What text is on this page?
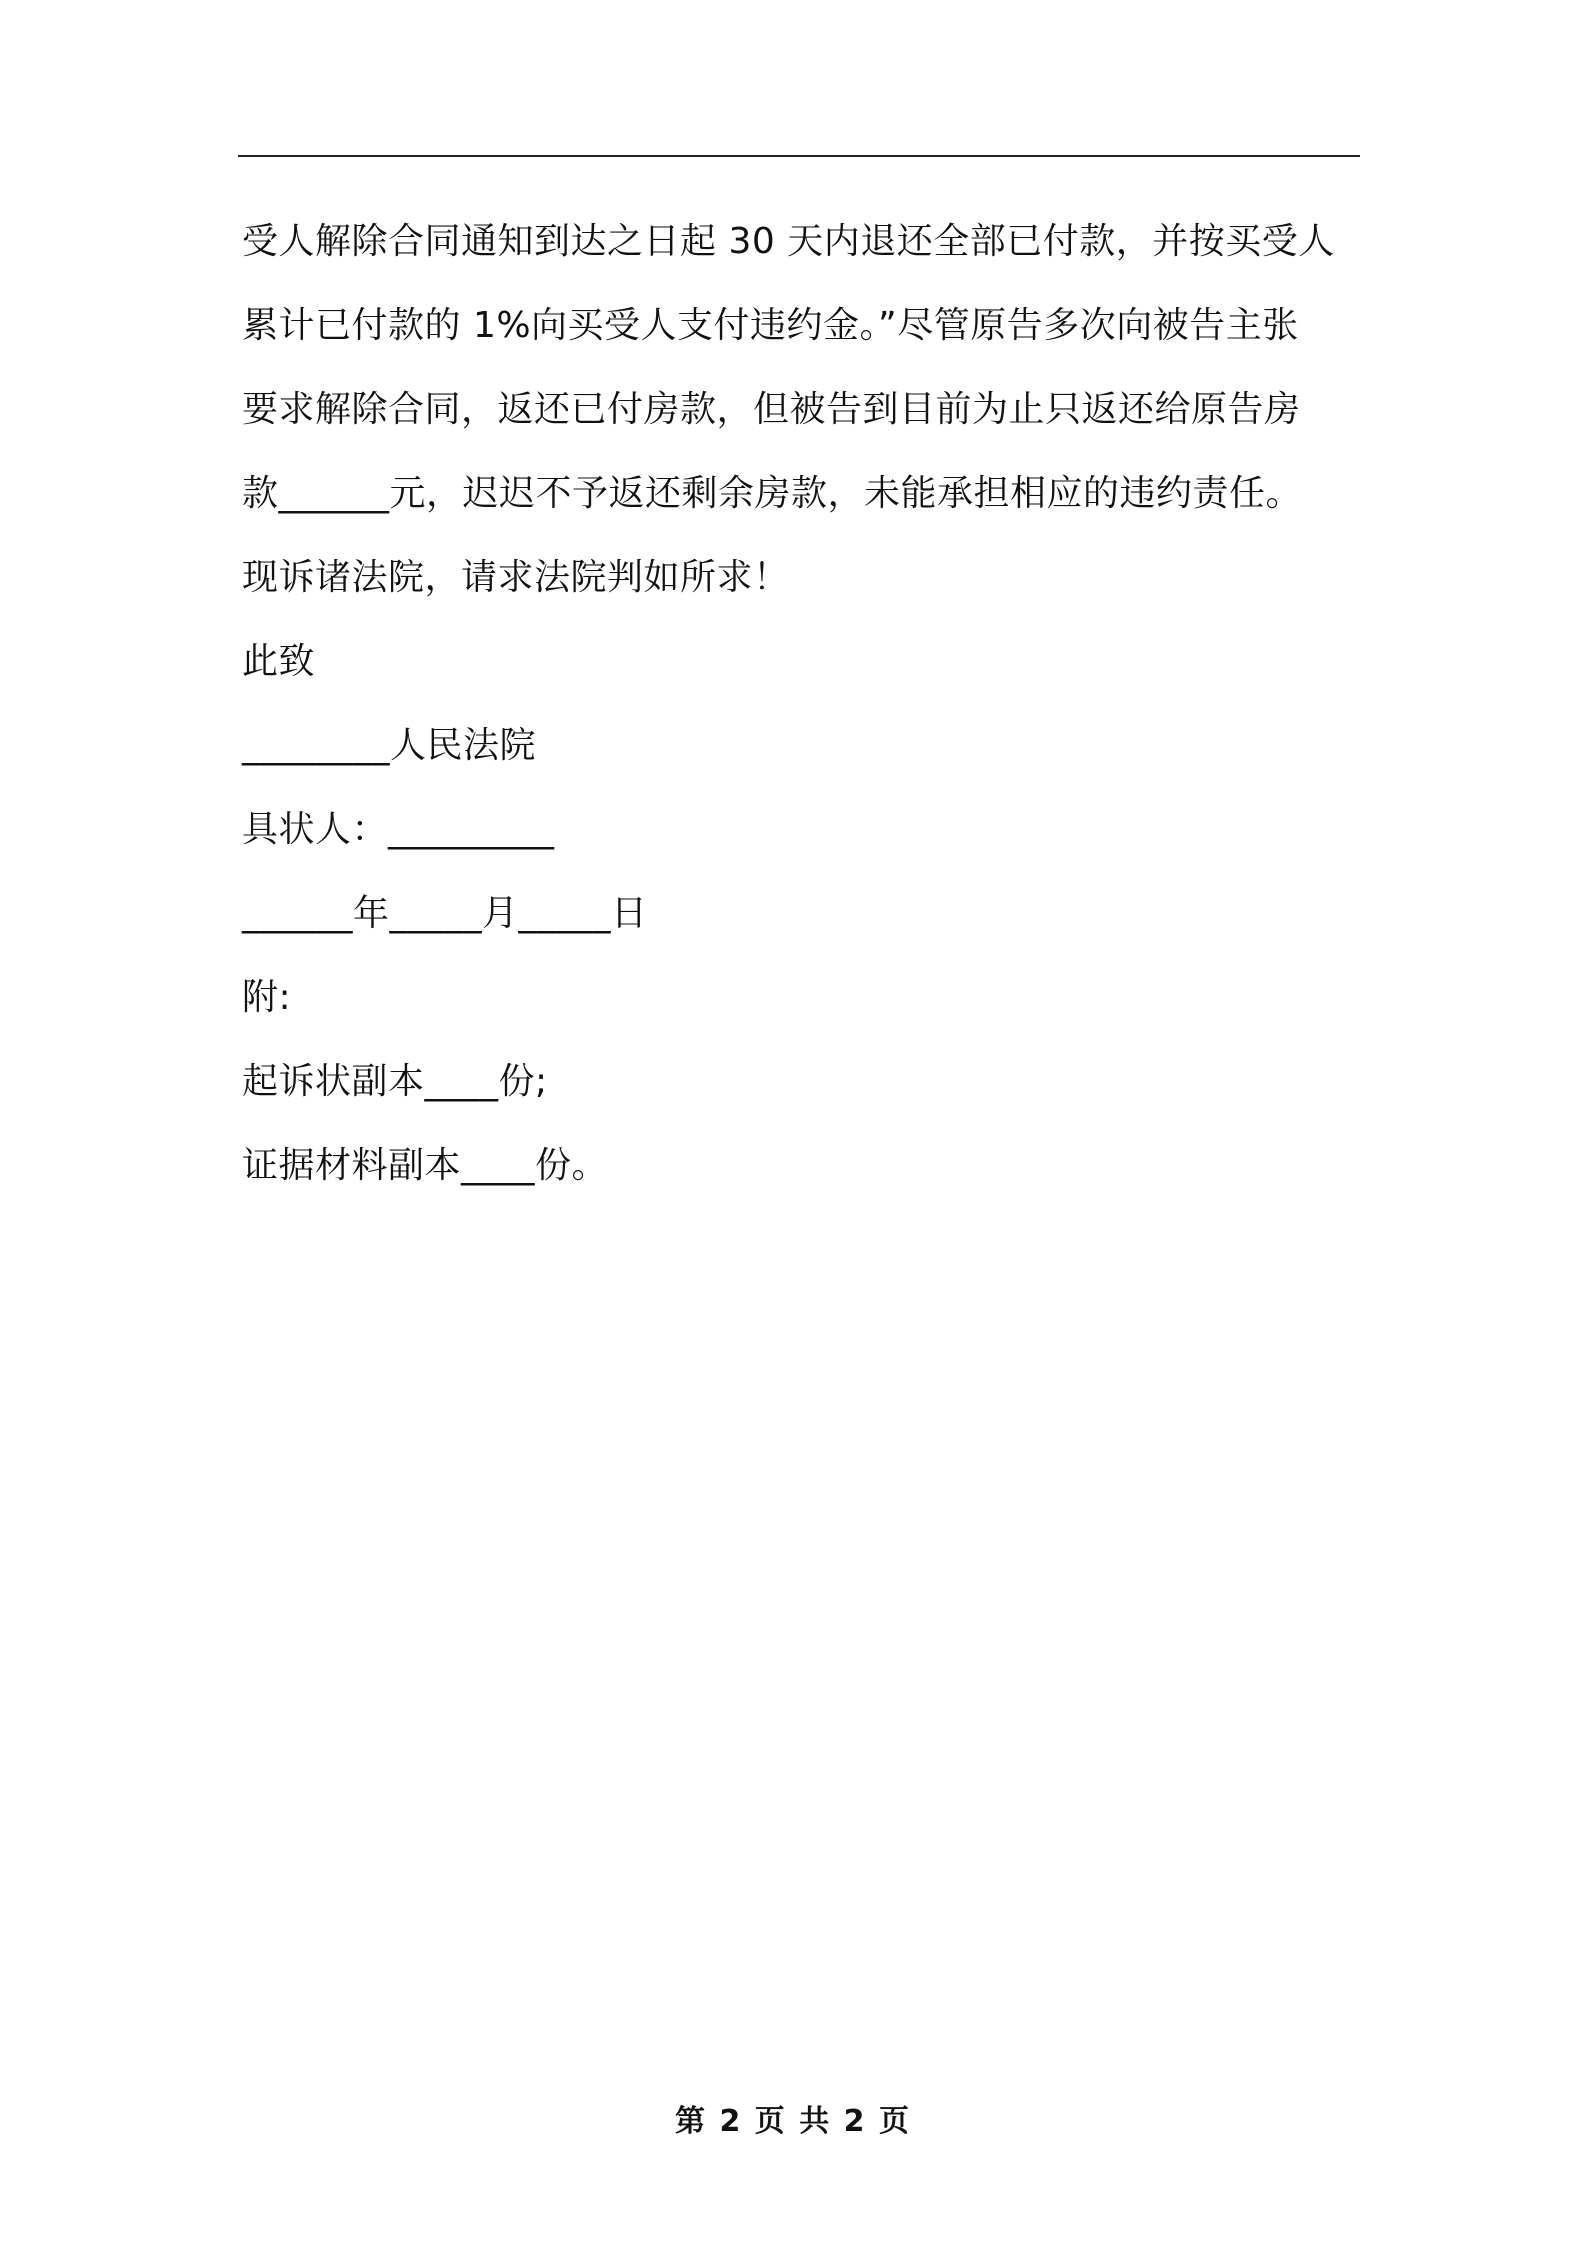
受人解除合同通知到达之日起 30 天内退还全部已付款，并按买受人
累计已付款的 1%向买受人支付违约金。”尽管原告多次向被告主张
要求解除合同，返还已付房款，但被告到目前为止只返还给原告房
款______元，迟迟不予返还剩余房款，未能承担相应的违约责任。
现诉诸法院，请求法院判如所求！
此致
________人民法院
具状人：_________
______年_____月_____日
附:
起诉状副本____份;
证据材料副本____份。
第 2 页 共 2 页
